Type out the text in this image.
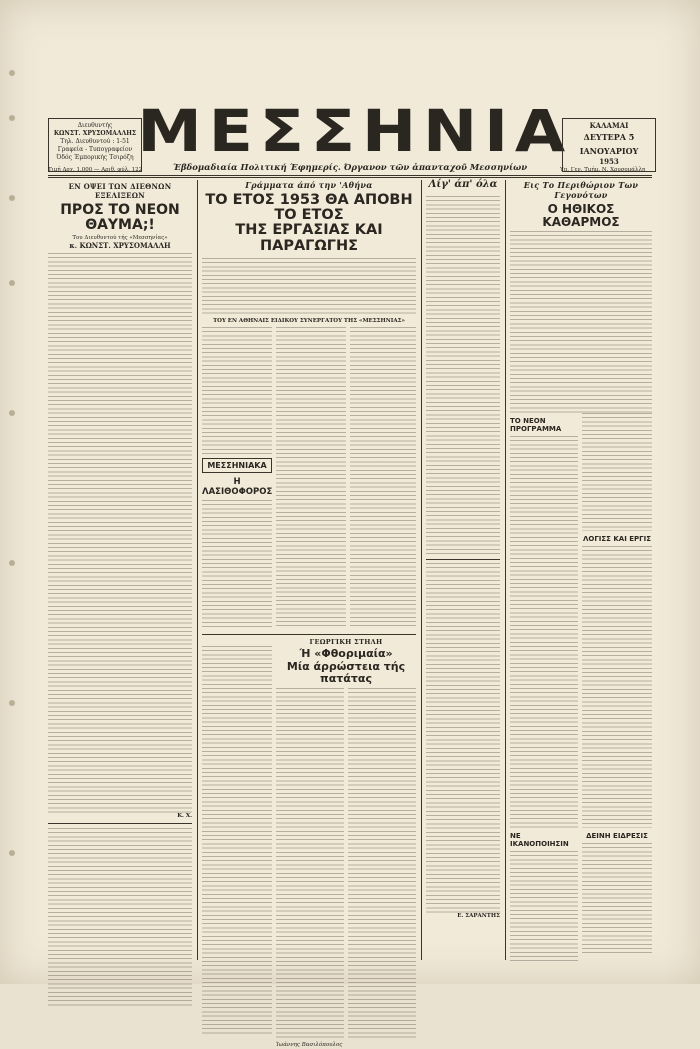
Διευθυντής
ΚΩΝΣΤ. ΧΡΥΣΟΜΑΛΛΗΣ
Τηλ. Διευθυντού : 1-51
Γραφεία - Τυπογραφείον
Όδός Έμπορικής Τσιρόζη ΜΕΣΣΗΝΙΑ	ΚΑΛΑΜΑΙ
ΔΕΥΤΕΡΑ 5 ΙΑΝΟΥΑΡΙΟΥ
1953
Έβδομαδιαία Πολιτική Έφημερίς. Όργανον τῶν ἀπανταχοῦ Μεσσηνίων
Τιμή Δρχ. 1.000 — Αριθ. φύλ. 122	Υπ. Γεν. Τμήμ. Ν. Χρυσομάλλη
ΕΝ ΟΨΕΙ ΤΩΝ ΔΙΕΘΝΩΝ ΕΞΕΛΙΞΕΩΝ
ΠΡΟΣ ΤΟ ΝΕΟΝ ΘΑΥΜΑ;!
Του Διευθυντού τής «Μεσσηνίας»
κ. ΚΩΝΣΤ. ΧΡΥΣΟΜΑΛΛΗ
Κ. Χ.
Γράμματα άπό την 'Αθήνα
ΤΟ ΕΤΟΣ 1953 ΘΑ ΑΠΟΒΗ ΤΟ ΕΤΟΣ
ΤΗΣ ΕΡΓΑΣΙΑΣ ΚΑΙ ΠΑΡΑΓΩΓΗΣ
ΤΟΥ ΕΝ ΑΘΗΝΑΙΣ ΕΙΔΙΚΟΥ ΣΥΝΕΡΓΑΤΟΥ ΤΗΣ «ΜΕΣΣΗΝΙΑΣ»
ΜΕΣΣΗΝΙΑΚΑ
Η ΛΑΣΙΘΟΦΟΡΟΣ
ΓΕΩΡΓΙΚΗ ΣΤΗΛΗ
Ή «Φθοριμαία»
Μία άρρώστεια τής πατάτας
Ίωάννης Βασιλόπουλος
Λίγ' άπ' όλα
Ε. ΣΑΡΑΝΤΗΣ
Εις Το Περιθώριον Των Γεγονότων
Ο ΗΘΙΚΟΣ ΚΑΘΑΡΜΟΣ
ΤΟ ΝΕΟΝ ΠΡΟΓΡΑΜΜΑ
ΝΕ ΙΚΑΝΟΠΟΙΗΣΙΝ
ΛΟΓΙΣΣ ΚΑΙ ΕΡΓΙΣ
ΔΕΙΝΗ ΕΙΔΡΕΣΙΣ
